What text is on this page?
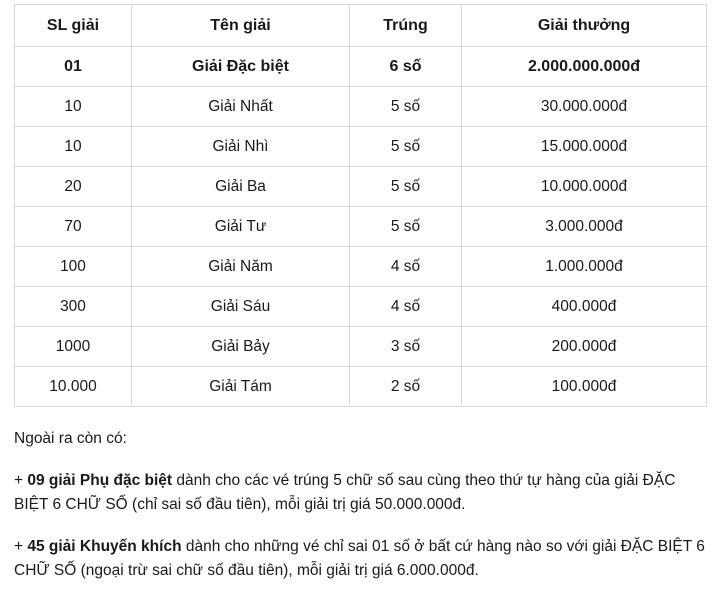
SL giải	Tên giải	Trúng	Giải thưởng
01	Giải Đặc biệt	6 số	2.000.000.000đ
10	Giải Nhất	5 số	30.000.000đ
10	Giải Nhì	5 số	15.000.000đ
20	Giải Ba	5 số	10.000.000đ
70	Giải Tư	5 số	3.000.000đ
100	Giải Năm	4 số	1.000.000đ
300	Giải Sáu	4 số	400.000đ
1000	Giải Bảy	3 số	200.000đ
10.000	Giải Tám	2 số	100.000đ

Ngoài ra còn có:

+ 09 giải Phụ đặc biệt dành cho các vé trúng 5 chữ số sau cùng theo thứ tự hàng của giải ĐẶC BIỆT 6 CHỮ SỐ (chỉ sai số đầu tiên), mỗi giải trị giá 50.000.000đ.

+ 45 giải Khuyến khích dành cho những vé chỉ sai 01 số ở bất cứ hàng nào so với giải ĐẶC BIỆT 6 CHỮ SỐ (ngoại trừ sai chữ số đầu tiên), mỗi giải trị giá 6.000.000đ.
